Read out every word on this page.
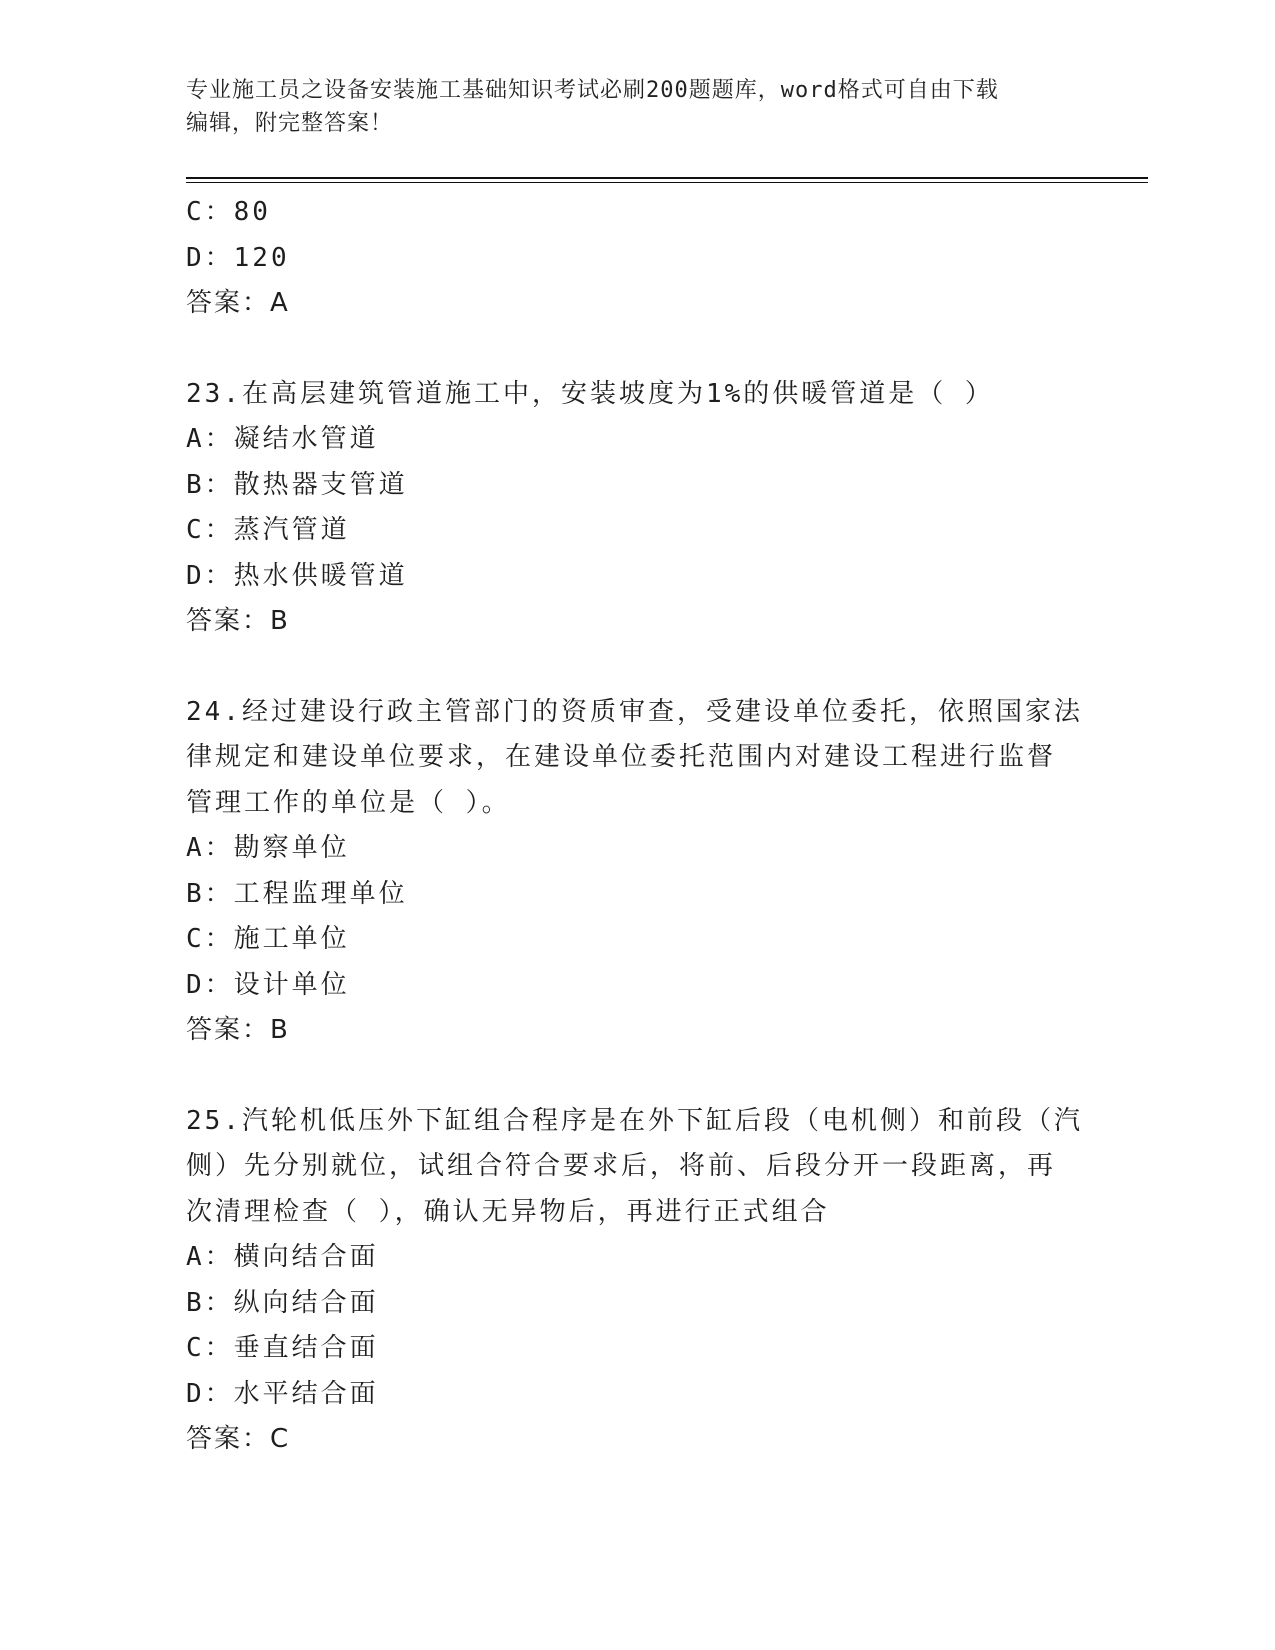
专业施工员之设备安装施工基础知识考试必刷200题题库，word格式可自由下载
编辑，附完整答案！
C：80
D：120
答案：A
23.在高层建筑管道施工中，安装坡度为1%的供暖管道是（ ）
A：凝结水管道
B：散热器支管道
C：蒸汽管道
D：热水供暖管道
答案：B
24.经过建设行政主管部门的资质审查，受建设单位委托，依照国家法
律规定和建设单位要求，在建设单位委托范围内对建设工程进行监督
管理工作的单位是（ ）。
A：勘察单位
B：工程监理单位
C：施工单位
D：设计单位
答案：B
25.汽轮机低压外下缸组合程序是在外下缸后段（电机侧）和前段（汽
侧）先分别就位，试组合符合要求后，将前、后段分开一段距离，再
次清理检查（ ），确认无异物后，再进行正式组合
A：横向结合面
B：纵向结合面
C：垂直结合面
D：水平结合面
答案：C
